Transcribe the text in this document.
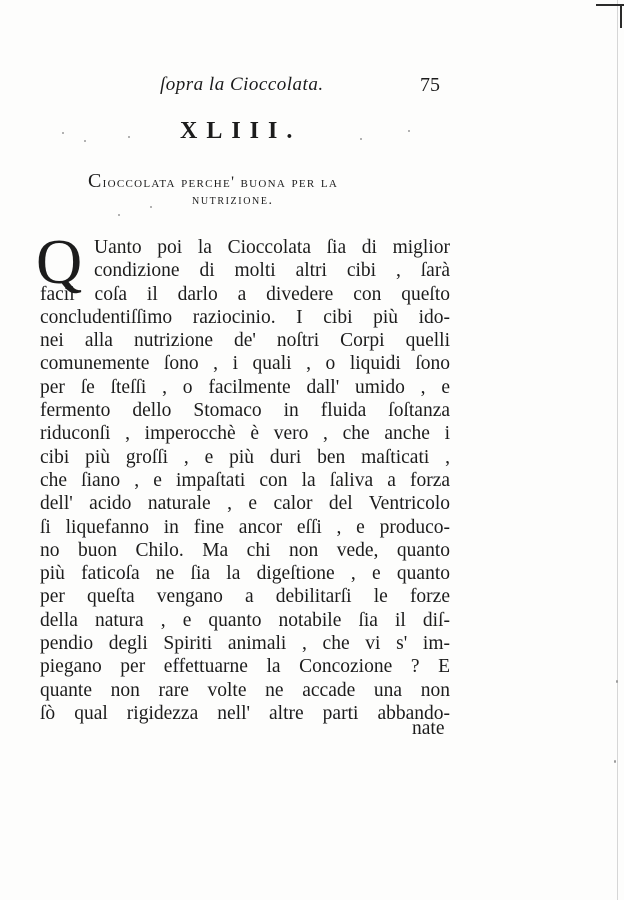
ſopra la Cioccolata.	75
XLIII.
Cioccolata perche' buona per la
nutrizione.
Q Uanto poi la Cioccolata ſia di miglior
condizione di molti altri cibi , ſarà
facil coſa il darlo a divedere con queſto
concludentiſſimo raziocinio. I cibi più ido-
nei alla nutrizione de' noſtri Corpi quelli
comunemente ſono , i quali , o liquidi ſono
per ſe ſteſſi , o facilmente dall' umido , e
fermento dello Stomaco in fluida ſoſtanza
riduconſi , imperocchè è vero , che anche i
cibi più groſſi , e più duri ben maſticati ,
che ſiano , e impaſtati con la ſaliva a forza
dell' acido naturale , e calor del Ventricolo
ſi liquefanno in fine ancor eſſi , e produco-
no buon Chilo. Ma chi non vede, quanto
più faticoſa ne ſia la digeſtione , e quanto
per queſta vengano a debilitarſi le forze
della natura , e quanto notabile ſia il diſ-
pendio degli Spiriti animali , che vi s' im-
piegano per effettuarne la Concozione ? E
quante non rare volte ne accade una non
ſò qual rigidezza nell' altre parti abbando-
nate
